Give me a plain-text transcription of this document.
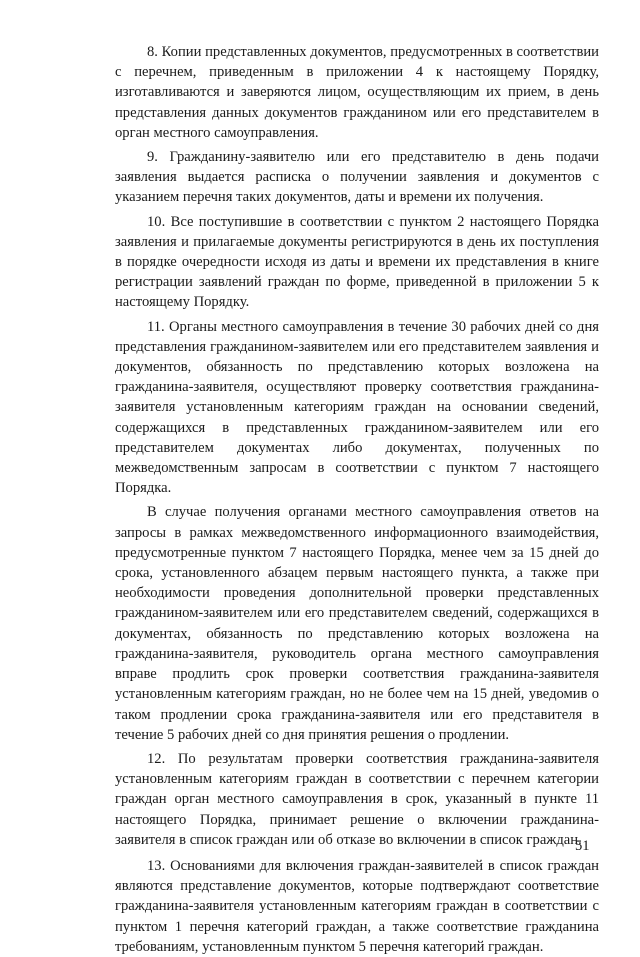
8. Копии представленных документов, предусмотренных в соответствии с перечнем, приведенным в приложении 4 к настоящему Порядку, изготавливаются и заверяются лицом, осуществляющим их прием, в день представления данных документов гражданином или его представителем в орган местного самоуправления.

9. Гражданину-заявителю или его представителю в день подачи заявления выдается расписка о получении заявления и документов с указанием перечня таких документов, даты и времени их получения.

10. Все поступившие в соответствии с пунктом 2 настоящего Порядка заявления и прилагаемые документы регистрируются в день их поступления в порядке очередности исходя из даты и времени их представления в книге регистрации заявлений граждан по форме, приведенной в приложении 5 к настоящему Порядку.

11. Органы местного самоуправления в течение 30 рабочих дней со дня представления гражданином-заявителем или его представителем заявления и документов, обязанность по представлению которых возложена на гражданина-заявителя, осуществляют проверку соответствия гражданина-заявителя установленным категориям граждан на основании сведений, содержащихся в представленных гражданином-заявителем или его представителем документах либо документах, полученных по межведомственным запросам в соответствии с пунктом 7 настоящего Порядка.

В случае получения органами местного самоуправления ответов на запросы в рамках межведомственного информационного взаимодействия, предусмотренные пунктом 7 настоящего Порядка, менее чем за 15 дней до срока, установленного абзацем первым настоящего пункта, а также при необходимости проведения дополнительной проверки представленных гражданином-заявителем или его представителем сведений, содержащихся в документах, обязанность по представлению которых возложена на гражданина-заявителя, руководитель органа местного самоуправления вправе продлить срок проверки соответствия гражданина-заявителя установленным категориям граждан, но не более чем на 15 дней, уведомив о таком продлении срока гражданина-заявителя или его представителя в течение 5 рабочих дней со дня принятия решения о продлении.

12. По результатам проверки соответствия гражданина-заявителя установленным категориям граждан в соответствии с перечнем категории граждан орган местного самоуправления в срок, указанный в пункте 11 настоящего Порядка, принимает решение о включении гражданина-заявителя в список граждан или об отказе во включении в список граждан.

13. Основаниями для включения граждан-заявителей в список граждан являются представление документов, которые подтверждают соответствие гражданина-заявителя установленным категориям граждан в соответствии с пунктом 1 перечня категорий граждан, а также соответствие гражданина требованиям, установленным пунктом 5 перечня категорий граждан.

51
